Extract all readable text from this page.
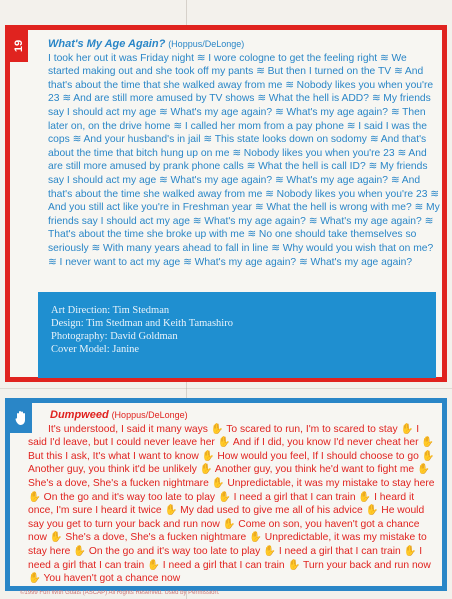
19	What's My Age Again? (Hoppus/DeLonge)
I took her out it was Friday night ≋ I wore cologne to get the feeling right ≋ We started making out and she took off my pants ≋ But then I turned on the TV ≋ And that's about the time that she walked away from me ≋ Nobody likes you when you're 23 ≋ And are still more amused by TV shows ≋ What the hell is ADD? ≋ My friends say I should act my age ≋ What's my age again? ≋ What's my age again? ≋ Then later on, on the drive home ≋ I called her mom from a pay phone ≋ I said I was the cops ≋ And your husband's in jail ≋ This state looks down on sodomy ≋ And that's about the time that bitch hung up on me ≋ Nobody likes you when you're 23 ≋ And are still more amused by prank phone calls ≋ What the hell is call ID? ≋ My friends say I should act my age ≋ What's my age again? ≋ What's my age again? ≋ And that's about the time she walked away from me ≋ Nobody likes you when you're 23 ≋ And you still act like you're in Freshman year ≋ What the hell is wrong with me? ≋ My friends say I should act my age ≋ What's my age again? ≋ What's my age again? ≋ That's about the time she broke up with me ≋ No one should take themselves so seriously ≋ With many years ahead to fall in line ≋ Why would you wish that on me? ≋ I never want to act my age ≋ What's my age again? ≋ What's my age again?

Art Direction: Tim Stedman
Design: Tim Stedman and Keith Tamashiro
Photography: David Goldman
Cover Model: Janine

Dumpweed (Hoppus/DeLonge)

It's understood, I said it many ways ✋ To scared to run, I'm to scared to stay ✋ I said I'd leave, but I could never leave her ✋ And if I did, you know I'd never cheat her ✋ But this I ask, It's what I want to know ✋ How would you feel, If I should choose to go ✋ Another guy, you think it'd be unlikely ✋ Another guy, you think he'd want to fight me ✋ She's a dove, She's a fucken nightmare ✋ Unpredictable, it was my mistake to stay here ✋ On the go and it's way too late to play ✋ I need a girl that I can train ✋ I heard it once, I'm sure I heard it twice ✋ My dad used to give me all of his advice ✋ He would say you get to turn your back and run now ✋ Come on son, you haven't got a chance now ✋ She's a dove, She's a fucken nightmare ✋ Unpredictable, it was my mistake to stay here ✋ On the go and it's way too late to play ✋ I need a girl that I can train ✋ I need a girl that I can train ✋ I need a girl that I can train ✋ Turn your back and run now ✋ You haven't got a chance now

©1999 Fun With Goats (ASCAP) All Rights Reserved. Used by Permission.
